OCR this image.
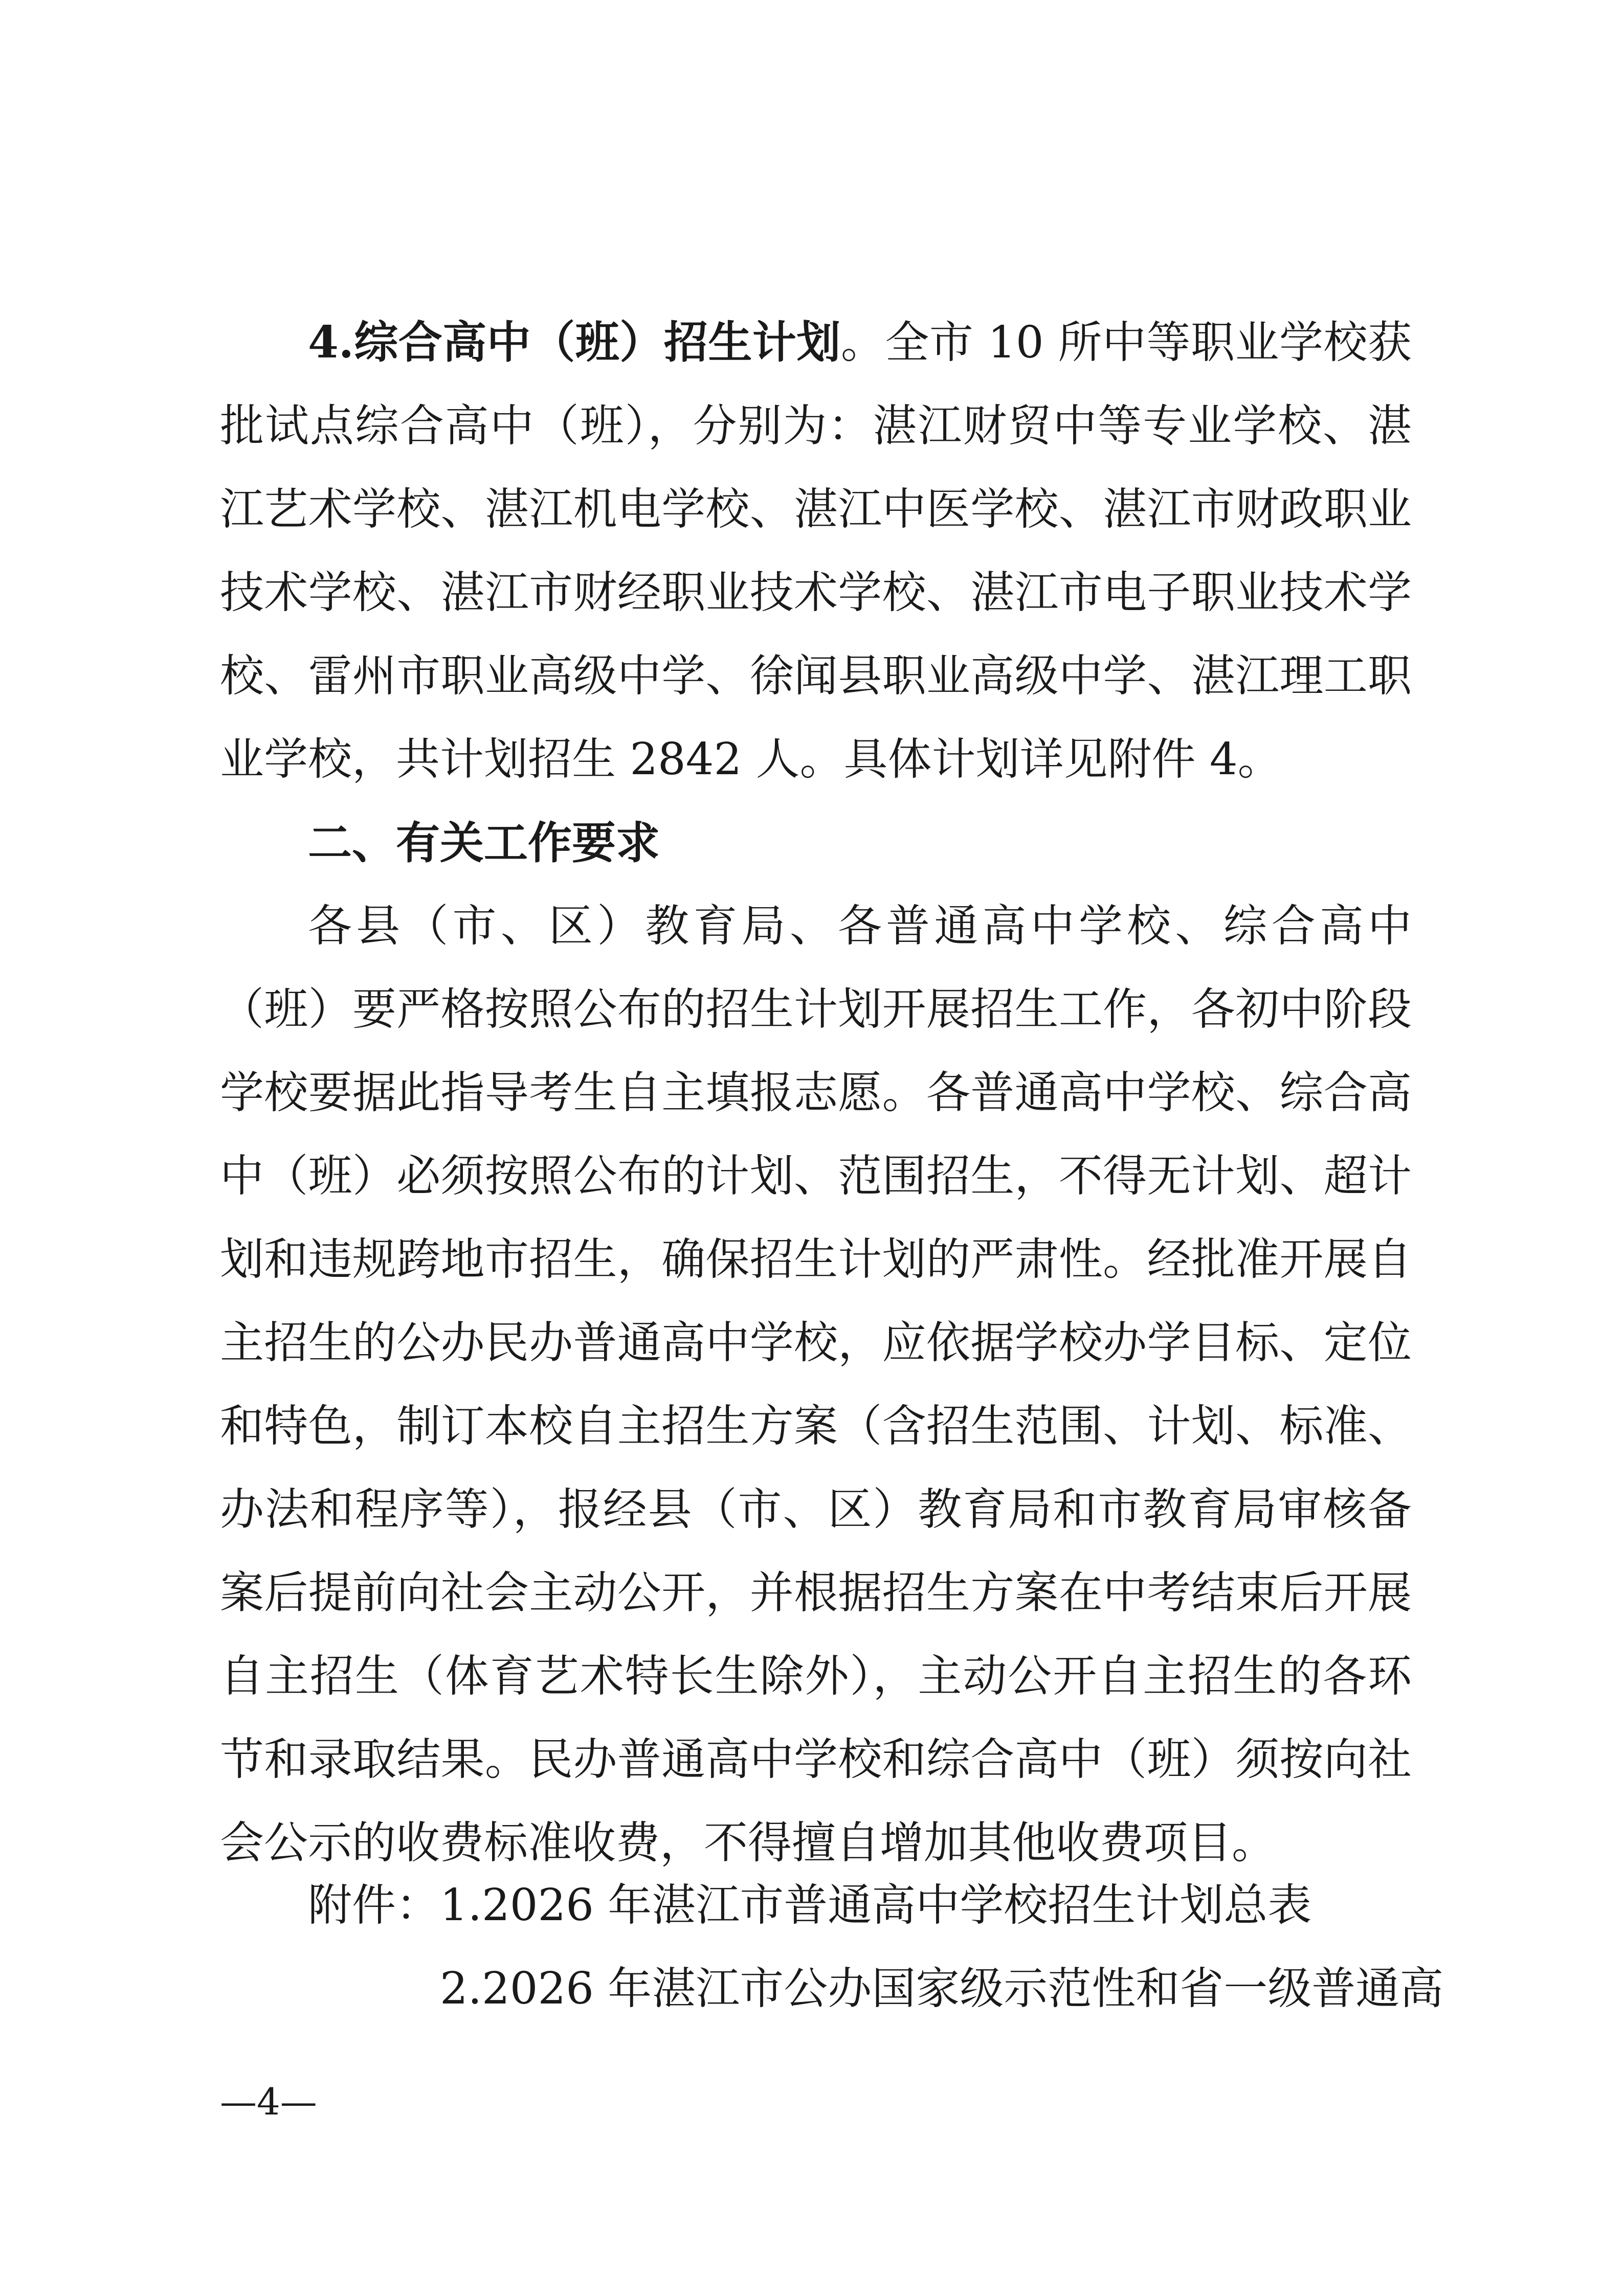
4.综合高中（班）招生计划。全市 10 所中等职业学校获批试点综合高中（班），分别为：湛江财贸中等专业学校、湛江艺术学校、湛江机电学校、湛江中医学校、湛江市财政职业技术学校、湛江市财经职业技术学校、湛江市电子职业技术学校、雷州市职业高级中学、徐闻县职业高级中学、湛江理工职业学校，共计划招生 2842 人。具体计划详见附件 4。

二、有关工作要求

各县（市、区）教育局、各普通高中学校、综合高中（班）要严格按照公布的招生计划开展招生工作，各初中阶段学校要据此指导考生自主填报志愿。各普通高中学校、综合高中（班）必须按照公布的计划、范围招生，不得无计划、超计划和违规跨地市招生，确保招生计划的严肃性。经批准开展自主招生的公办民办普通高中学校，应依据学校办学目标、定位和特色，制订本校自主招生方案（含招生范围、计划、标准、办法和程序等），报经县（市、区）教育局和市教育局审核备案后提前向社会主动公开，并根据招生方案在中考结束后开展自主招生（体育艺术特长生除外），主动公开自主招生的各环节和录取结果。民办普通高中学校和综合高中（班）须按向社会公示的收费标准收费，不得擅自增加其他收费项目。

附件：1.2026 年湛江市普通高中学校招生计划总表

2.2026 年湛江市公办国家级示范性和省一级普通高

—4—
